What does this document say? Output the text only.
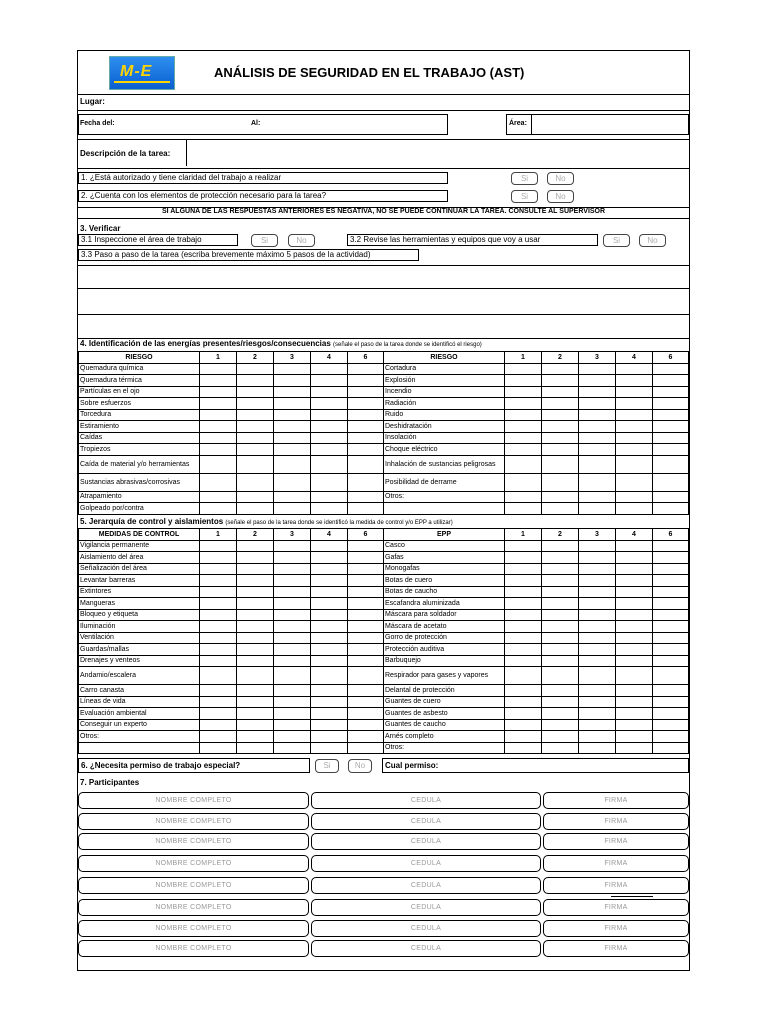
M-E	ANÁLISIS DE SEGURIDAD EN EL TRABAJO (AST)
Lugar:
Fecha del:	Al:	Área:
Descripción de la tarea:
1. ¿Está autorizado y tiene claridad del trabajo a realizar	Si	No
2. ¿Cuenta con los elementos de protección necesario para la tarea?	Si	No
SI ALGUNA DE LAS RESPUESTAS ANTERIORES ES NEGATIVA, NO SE PUEDE CONTINUAR LA TAREA. CONSULTE AL SUPERVISOR
3. Verificar
3.1 Inspeccione el área de trabajo	Si	No	3.2 Revise las herramientas y equipos que voy a usar	Si	No
3.3 Paso a paso de la tarea (escriba brevemente máximo 5 pasos de la actividad)
4. Identificación de las energías presentes/riesgos/consecuencias (señale el paso de la tarea donde se identificó el riesgo)
RIESGO	1	2	3	4	6	RIESGO	1	2	3	4	6
Quemadura química						Cortadura					
Quemadura térmica						Explosión					
Partículas en el ojo						Incendio					
Sobre esfuerzos						Radiación					
Torcedura						Ruido					
Estiramiento						Deshidratación					
Caídas						Insolación					
Tropiezos						Choque eléctrico					
Caída de material y/o herramientas						Inhalación de sustancias peligrosas					
Sustancias abrasivas/corrosivas						Posibilidad de derrame					
Atrapamiento						Otros:					
Golpeado por/contra											
5. Jerarquía de control y aislamientos (señale el paso de la tarea donde se identificó la medida de control y/o EPP a utilizar)
MEDIDAS DE CONTROL	1	2	3	4	6	EPP	1	2	3	4	6
Vigilancia permanente						Casco					
Aislamiento del área						Gafas					
Señalización del área						Monogafas					
Levantar barreras						Botas de cuero					
Extintores						Botas de caucho					
Mangueras						Escafandra aluminizada					
Bloqueo y etiqueta						Máscara para soldador					
Iluminación						Máscara de acetato					
Ventilación						Gorro de protección					
Guardas/mallas						Protección auditiva					
Drenajes y venteos						Barbuquejo					
Andamio/escalera						Respirador para gases y vapores					
Carro canasta						Delantal de protección					
Líneas de vida						Guantes de cuero					
Evaluación ambiental						Guantes de asbesto					
Conseguir un experto						Guantes de caucho					
Otros:						Arnés completo					
						Otros:					
6. ¿Necesita permiso de trabajo especial?	Si	No	Cual permiso:
7. Participantes
NOMBRE COMPLETO	CEDULA	FIRMA
NOMBRE COMPLETO	CEDULA	FIRMA
NOMBRE COMPLETO	CEDULA	FIRMA
NOMBRE COMPLETO	CEDULA	FIRMA
NOMBRE COMPLETO	CEDULA	FIRMA
NOMBRE COMPLETO	CEDULA	FIRMA
NOMBRE COMPLETO	CEDULA	FIRMA
NOMBRE COMPLETO	CEDULA	FIRMA
